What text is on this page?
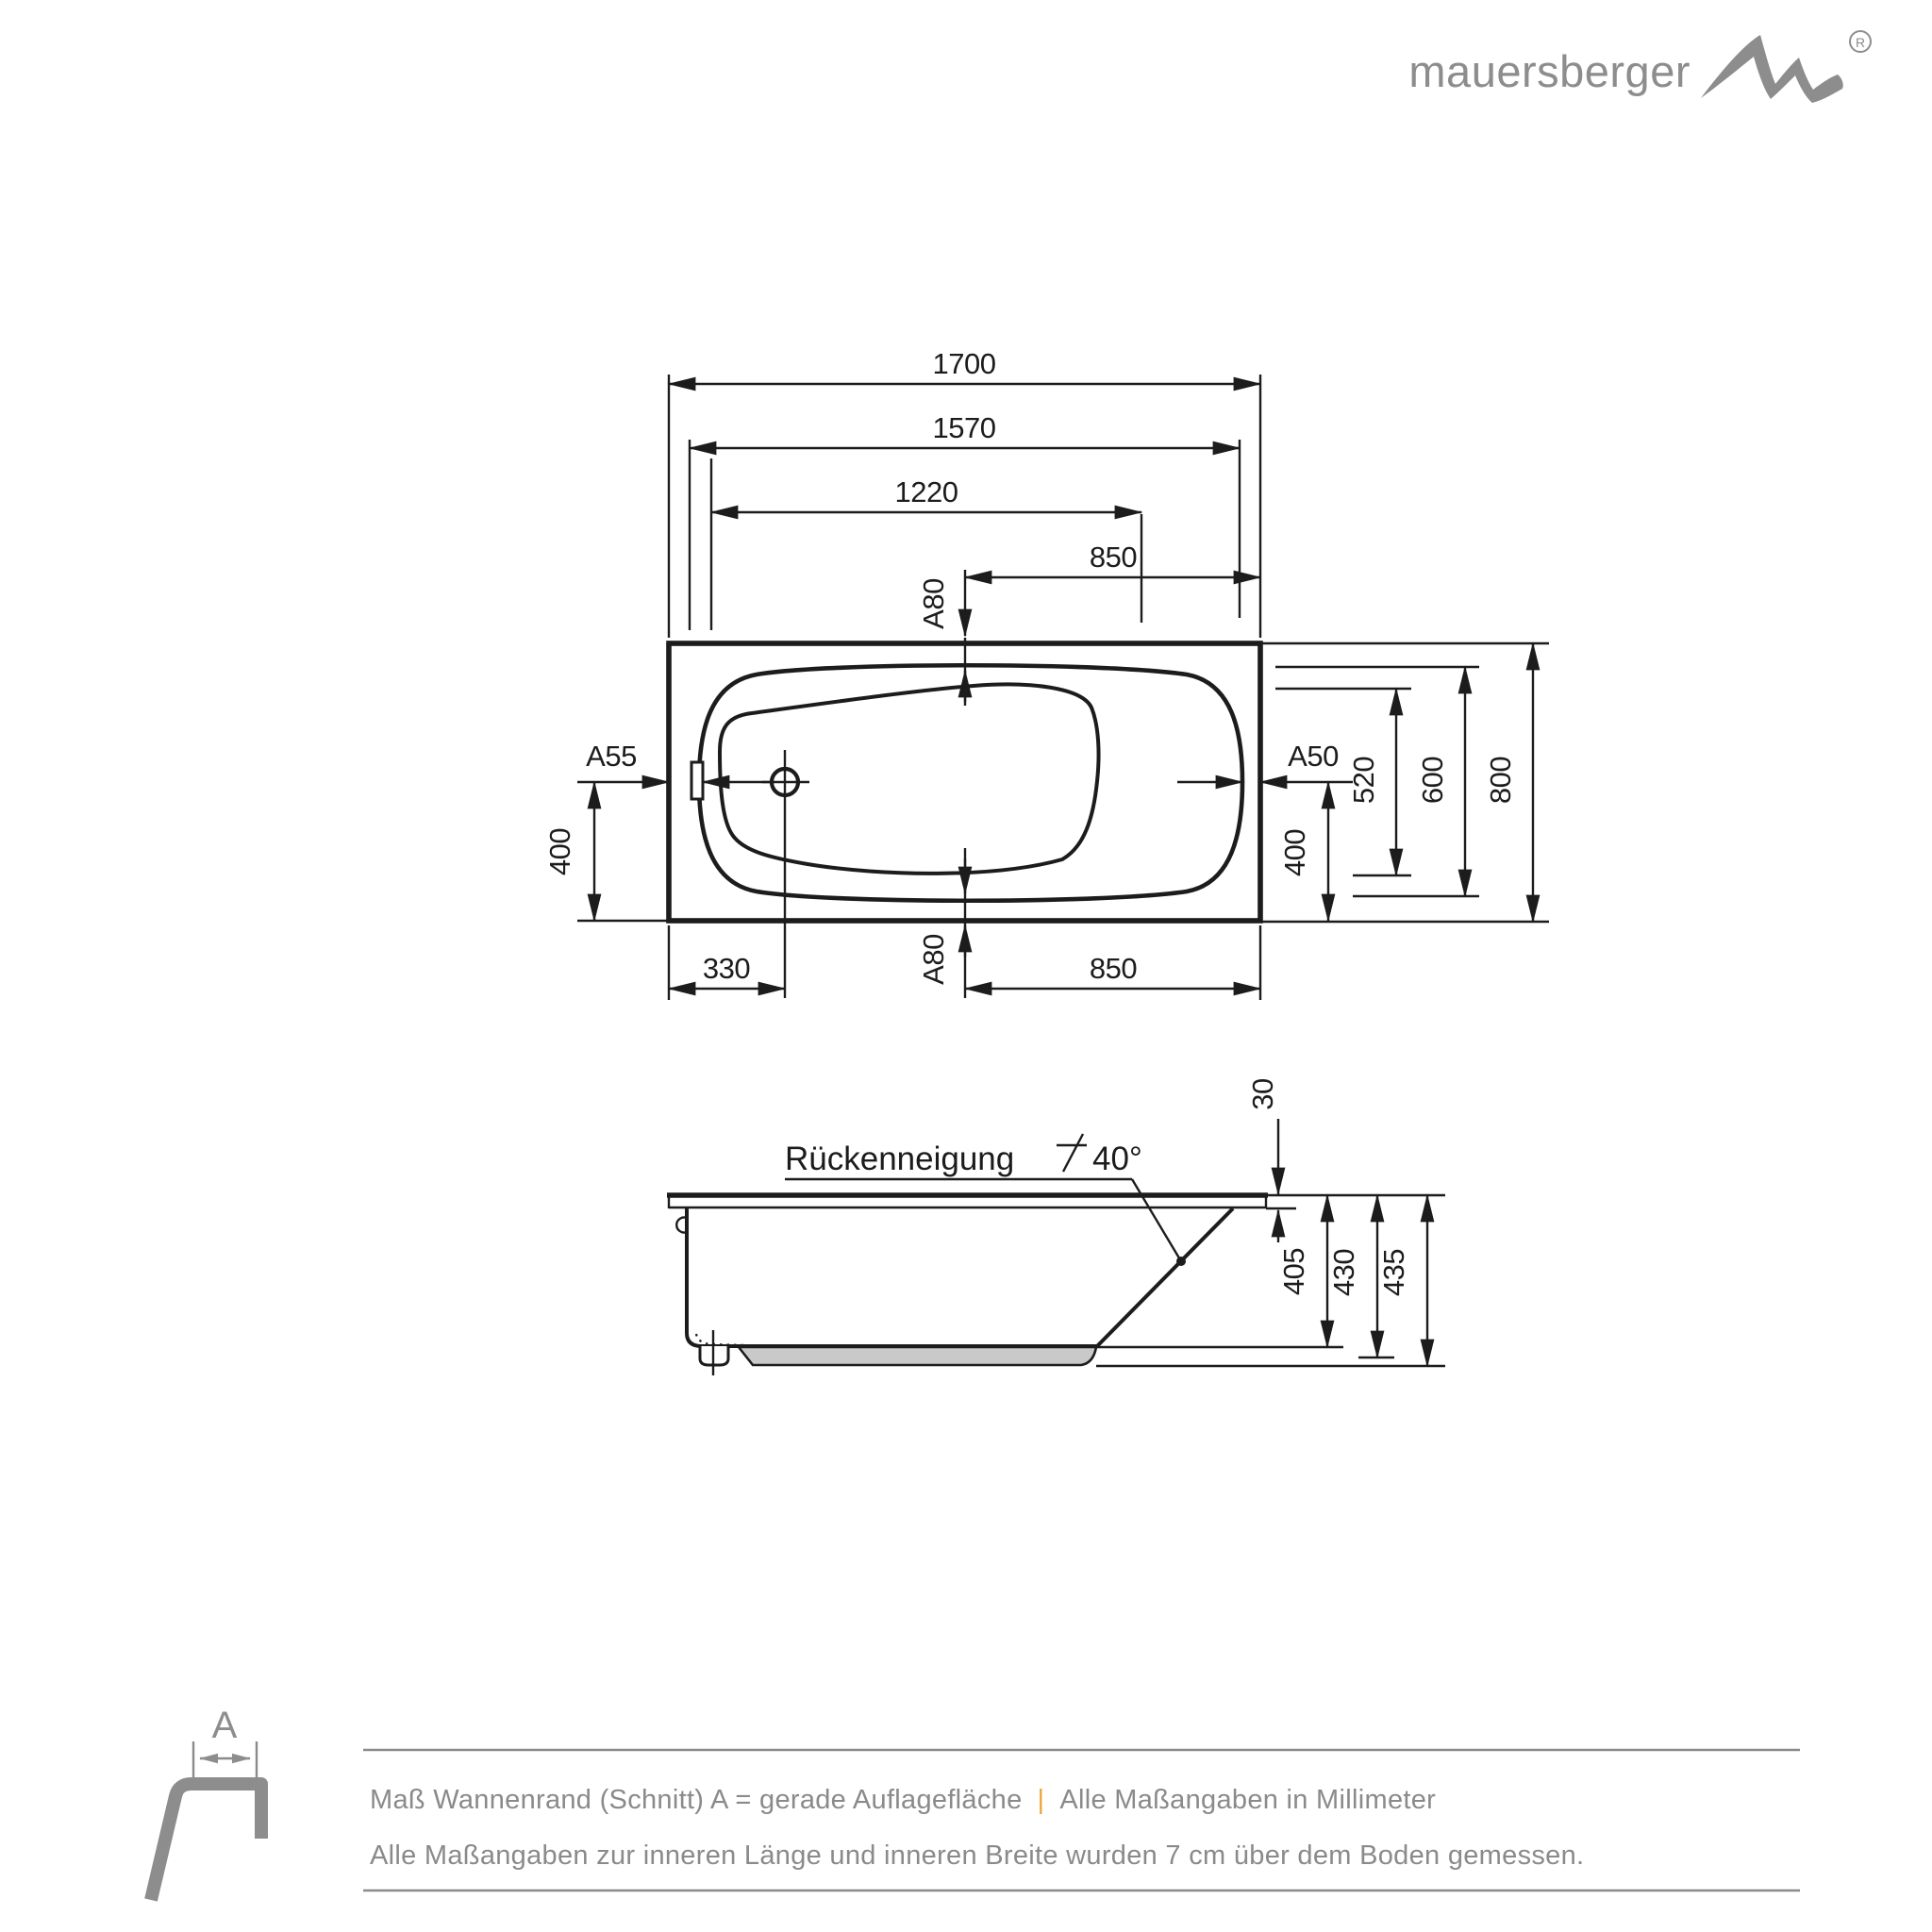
mauersberger
R
1700
1570
1220
850
A80
A55	A50
400
A80
330	850
400
520 600 800
Rückenneigung 40°
30
405 430 435
A
Maß Wannenrand (Schnitt) A = gerade Auflagefläche | Alle Maßangaben in Millimeter
Alle Maßangaben zur inneren Länge und inneren Breite wurden 7 cm über dem Boden gemessen.
